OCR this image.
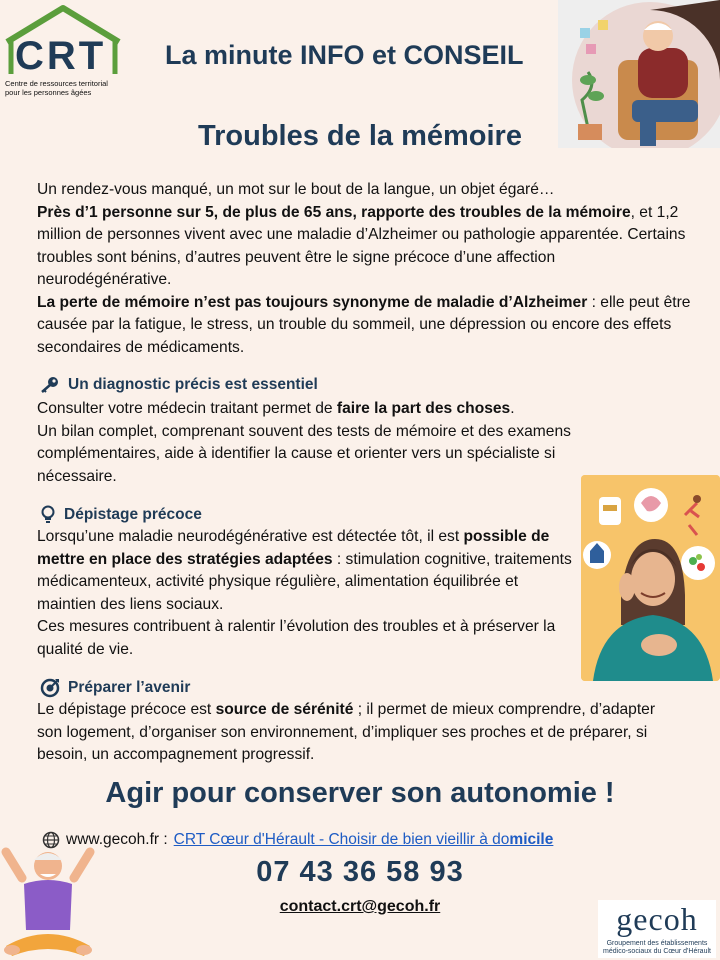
CRT
Centre de ressources territorial
pour les personnes âgées
La minute INFO et CONSEIL
Troubles de la mémoire
Un rendez-vous manqué, un mot sur le bout de la langue, un objet égaré…
Près d’1 personne sur 5, de plus de 65 ans, rapporte des troubles de la mémoire, et 1,2 million de personnes vivent avec une maladie d’Alzheimer ou pathologie apparentée. Certains troubles sont bénins, d’autres peuvent être le signe précoce d’une affection neurodégénérative.
La perte de mémoire n’est pas toujours synonyme de maladie d’Alzheimer : elle peut être causée par la fatigue, le stress, un trouble du sommeil, une dépression ou encore des effets secondaires de médicaments.
Un diagnostic précis est essentiel
Consulter votre médecin traitant permet de faire la part des choses.
Un bilan complet, comprenant souvent des tests de mémoire et des examens complémentaires, aide à identifier la cause et orienter vers un spécialiste si nécessaire.
Dépistage précoce
Lorsqu’une maladie neurodégénérative est détectée tôt, il est possible de mettre en place des stratégies adaptées : stimulation cognitive, traitements médicamenteux, activité physique régulière, alimentation équilibrée et maintien des liens sociaux.
Ces mesures contribuent à ralentir l’évolution des troubles et à préserver la qualité de vie.
Préparer l’avenir
Le dépistage précoce est source de sérénité ; il permet de mieux comprendre, d’adapter son logement, d’organiser son environnement, d’impliquer ses proches et de préparer, si besoin, un accompagnement progressif.
Agir pour conserver son autonomie !
www.gecoh.fr : CRT Cœur d'Hérault - Choisir de bien vieillir à domicile
07 43 36 58 93
contact.crt@gecoh.fr	gecoh
Groupement des établissements
médico-sociaux du Cœur d'Hérault
